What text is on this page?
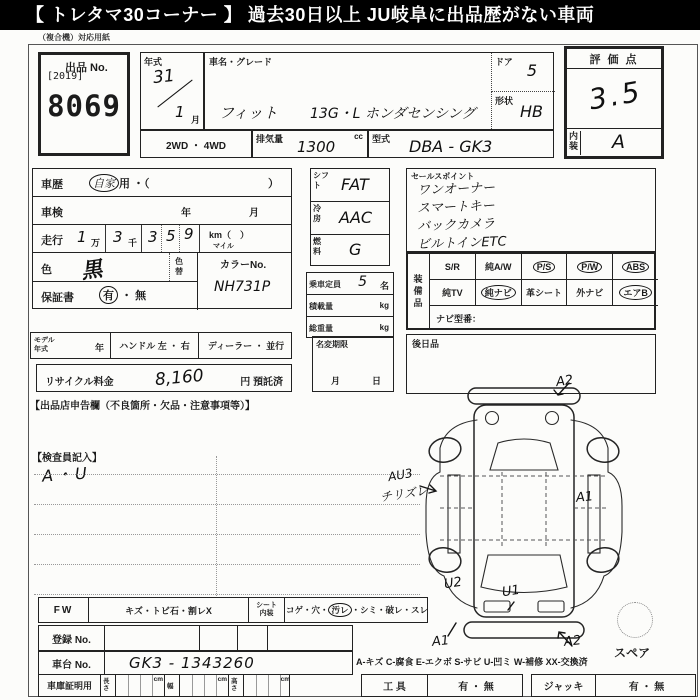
【 トレタマ30コーナー 】 過去30日以上 JU岐阜に出品歴がない車両
（複合機）対応用紙
出品 No.
[2019]
8069
年式
31
1 月
車名・グレード
フィット 13G・L ホンダセンシング
ドア 5
形状
HB
2WD ・ 4WD
排気量	cc
1300	型式 DBA - GK3
評 価 点
3.5
内装 A
車歴	自家 用 ・（	）
車検	年	月
走行 1 万 3 千 3 5 9 km（　）
マイル
色 黒	色替
保証書	有 ・ 無
カラーNo.
NH731P
シフト	FAT
冷房 AAC
燃料 G
乗車定員 5 名
積載量	kg
総重量	kg
セールスポイント
ワンオーナー
スマートキー
バックカメラ
ビルトインETC
装備品
S/R	純A/W	P/S	P/W	ABS
純TV	純ナビ	革シート 外ナビ	エアB
ナビ型番：
モデル年式	年 ハンドル 左 ・ 右 ディーラー ・ 並行
リサイクル料金 8,160	円 預託済
【出品店申告欄（不良箇所・欠品・注意事項等）】
名変期限
月	日
後日品
【検査員記入】
A・U
A2
AU3
チリズレ	A1
U2	U1
A1	A2
スペア
FW	キズ・トビ石・割レX	シート
内装 コゲ・穴・ 汚レ ・シミ・破レ・スレ
登録 No.
車台 No.	GK3 - 1343260	A-キズ C-腐食 E-エクボ S-サビ U-凹ミ W-補修 XX-交換済
車庫証明用 長さ
cm
幅
cm 高さ
cm
工 具	有 ・ 無	ジャッキ	有 ・ 無
